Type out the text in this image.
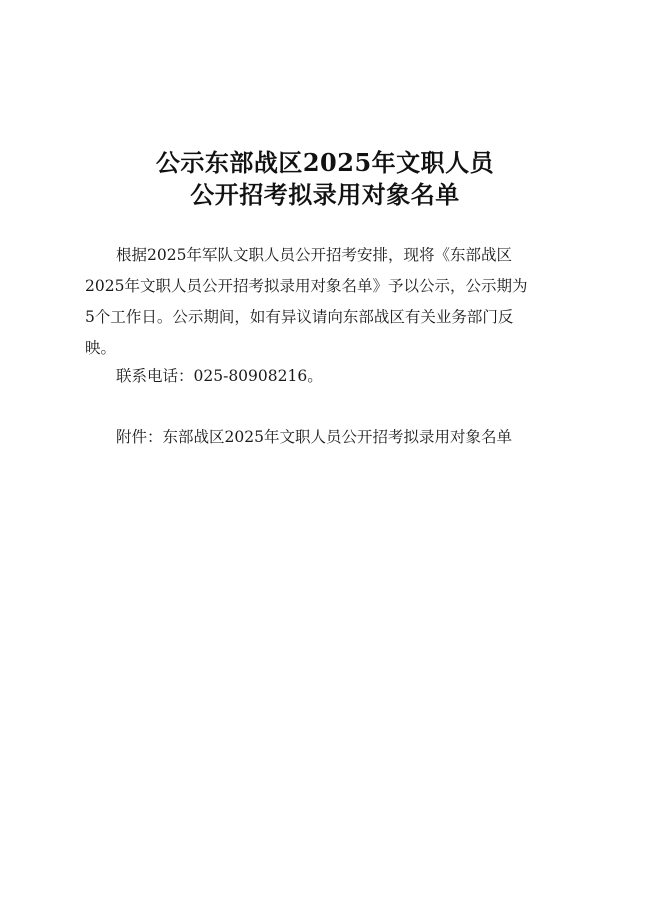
公示东部战区2025年文职人员
公开招考拟录用对象名单
根据2025年军队文职人员公开招考安排，现将《东部战区
2025年文职人员公开招考拟录用对象名单》予以公示，公示期为
5个工作日。公示期间，如有异议请向东部战区有关业务部门反
映。
联系电话：025-80908216。
附件：东部战区2025年文职人员公开招考拟录用对象名单
